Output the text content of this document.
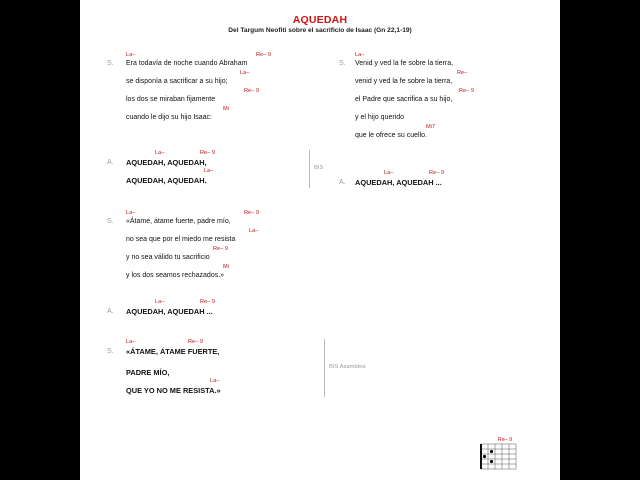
AQUEDAH
Del Targum Neofiti sobre el sacrificio de Isaac (Gn 22,1-19)
S.
La–	Re– 9
Era todavía de noche cuando Abraham
La–
se disponía a sacrificar a su hijo;
Re– 9
los dos se miraban fijamente
Mi
cuando le dijo su hijo Isaac:
A.
La–	Re– 9
AQUEDAH, AQUEDAH,
La–
AQUEDAH, AQUEDAH.
BIS
S.
La–	Re– 9
«Átame, átame fuerte, padre mío,
La–
no sea que por el miedo me resista
Re– 9
y no sea válido tu sacrificio
Mi
y los dos seamos rechazados.»
A.
La–	Re– 9
AQUEDAH, AQUEDAH ...
S.
La–	Re– 9
«ÁTAME, ÁTAME FUERTE,
PADRE MÍO,
La–
QUE YO NO ME RESISTA.»
BIS Asamblea
S.
La–
Venid y ved la fe sobre la tierra,
Re–
venid y ved la fe sobre la tierra,
Re– 9
el Padre que sacrifica a su hijo,
y el hijo querido
Mi7
que le ofrece su cuello.
A.
La–	Re– 9
AQUEDAH, AQUEDAH ...
Re– 9
